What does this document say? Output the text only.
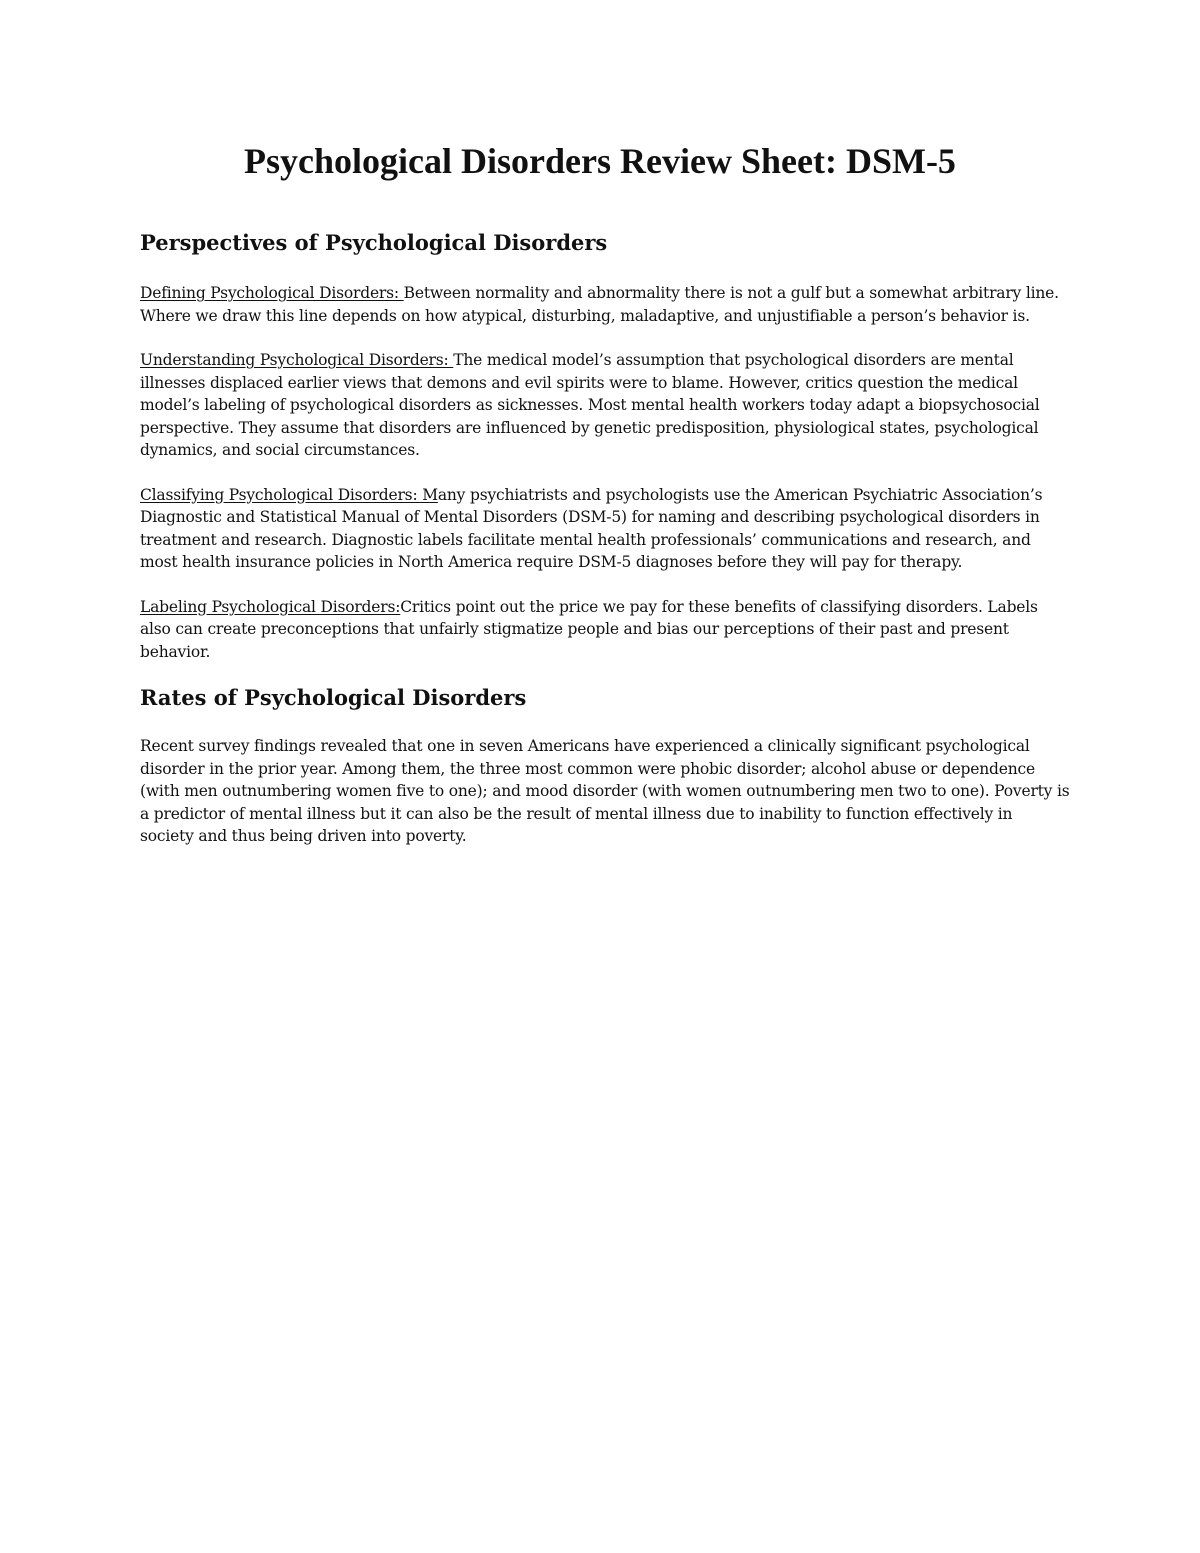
Psychological Disorders Review Sheet: DSM-5
Perspectives of Psychological Disorders

Defining Psychological Disorders: Between normality and abnormality there is not a gulf but a somewhat arbitrary line. Where we draw this line depends on how atypical, disturbing, maladaptive, and unjustifiable a person’s behavior is.

Understanding Psychological Disorders: The medical model’s assumption that psychological disorders are mental illnesses displaced earlier views that demons and evil spirits were to blame. However, critics question the medical model’s labeling of psychological disorders as sicknesses. Most mental health workers today adapt a biopsychosocial perspective. They assume that disorders are influenced by genetic predisposition, physiological states, psychological dynamics, and social circumstances.

Classifying Psychological Disorders: Many psychiatrists and psychologists use the American Psychiatric Association’s Diagnostic and Statistical Manual of Mental Disorders (DSM-5) for naming and describing psychological disorders in treatment and research. Diagnostic labels facilitate mental health professionals’ communications and research, and most health insurance policies in North America require DSM-5 diagnoses before they will pay for therapy.

Labeling Psychological Disorders:Critics point out the price we pay for these benefits of classifying disorders. Labels also can create preconceptions that unfairly stigmatize people and bias our perceptions of their past and present behavior.

Rates of Psychological Disorders

Recent survey findings revealed that one in seven Americans have experienced a clinically significant psychological disorder in the prior year. Among them, the three most common were phobic disorder; alcohol abuse or dependence (with men outnumbering women five to one); and mood disorder (with women outnumbering men two to one). Poverty is a predictor of mental illness but it can also be the result of mental illness due to inability to function effectively in society and thus being driven into poverty.
